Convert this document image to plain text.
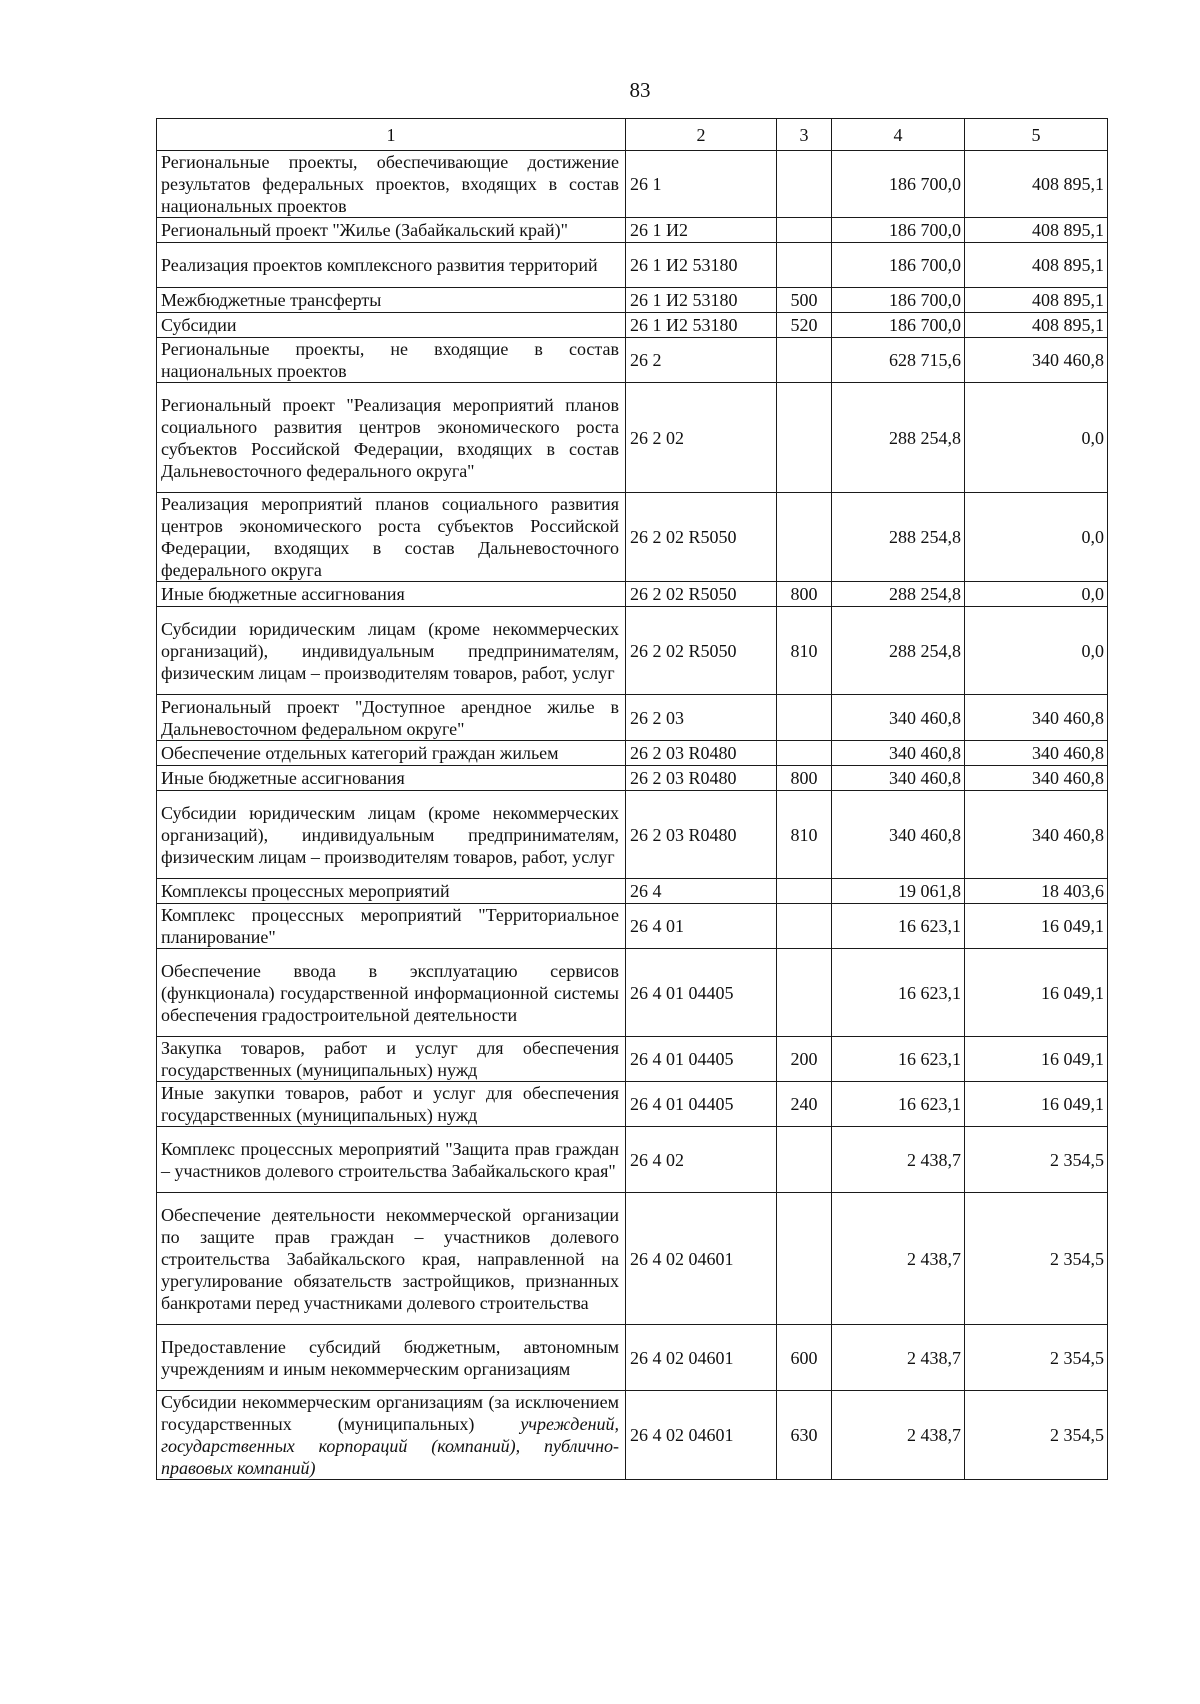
83
1	2	3	4	5
Региональные проекты, обеспечивающие достижение результатов федеральных проектов, входящих в состав национальных проектов	26 1		186 700,0	408 895,1
Региональный проект "Жилье (Забайкальский край)"	26 1 И2		186 700,0	408 895,1
Реализация проектов комплексного развития территорий	26 1 И2 53180		186 700,0	408 895,1
Межбюджетные трансферты	26 1 И2 53180	500	186 700,0	408 895,1
Субсидии	26 1 И2 53180	520	186 700,0	408 895,1
Региональные проекты, не входящие в состав национальных проектов	26 2		628 715,6	340 460,8
Региональный проект "Реализация мероприятий планов социального развития центров экономического роста субъектов Российской Федерации, входящих в состав Дальневосточного федерального округа"	26 2 02		288 254,8	0,0
Реализация мероприятий планов социального развития центров экономического роста субъектов Российской Федерации, входящих в состав Дальневосточного федерального округа	26 2 02 R5050		288 254,8	0,0
Иные бюджетные ассигнования	26 2 02 R5050	800	288 254,8	0,0
Субсидии юридическим лицам (кроме некоммерческих организаций), индивидуальным предпринимателям, физическим лицам – производителям товаров, работ, услуг	26 2 02 R5050	810	288 254,8	0,0
Региональный проект "Доступное арендное жилье в Дальневосточном федеральном округе"	26 2 03		340 460,8	340 460,8
Обеспечение отдельных категорий граждан жильем	26 2 03 R0480		340 460,8	340 460,8
Иные бюджетные ассигнования	26 2 03 R0480	800	340 460,8	340 460,8
Субсидии юридическим лицам (кроме некоммерческих организаций), индивидуальным предпринимателям, физическим лицам – производителям товаров, работ, услуг	26 2 03 R0480	810	340 460,8	340 460,8
Комплексы процессных мероприятий	26 4		19 061,8	18 403,6
Комплекс процессных мероприятий "Территориальное планирование"	26 4 01		16 623,1	16 049,1
Обеспечение ввода в эксплуатацию сервисов (функционала) государственной информационной системы обеспечения градостроительной деятельности	26 4 01 04405		16 623,1	16 049,1
Закупка товаров, работ и услуг для обеспечения государственных (муниципальных) нужд	26 4 01 04405	200	16 623,1	16 049,1
Иные закупки товаров, работ и услуг для обеспечения государственных (муниципальных) нужд	26 4 01 04405	240	16 623,1	16 049,1
Комплекс процессных мероприятий "Защита прав граждан – участников долевого строительства Забайкальского края"	26 4 02		2 438,7	2 354,5
Обеспечение деятельности некоммерческой организации по защите прав граждан – участников долевого строительства Забайкальского края, направленной на урегулирование обязательств застройщиков, признанных банкротами перед участниками долевого строительства	26 4 02 04601		2 438,7	2 354,5
Предоставление субсидий бюджетным, автономным учреждениям и иным некоммерческим организациям	26 4 02 04601	600	2 438,7	2 354,5
Субсидии некоммерческим организациям (за исключением государственных (муниципальных) учреждений, государственных корпораций (компаний), публично-правовых компаний)	26 4 02 04601	630	2 438,7	2 354,5
